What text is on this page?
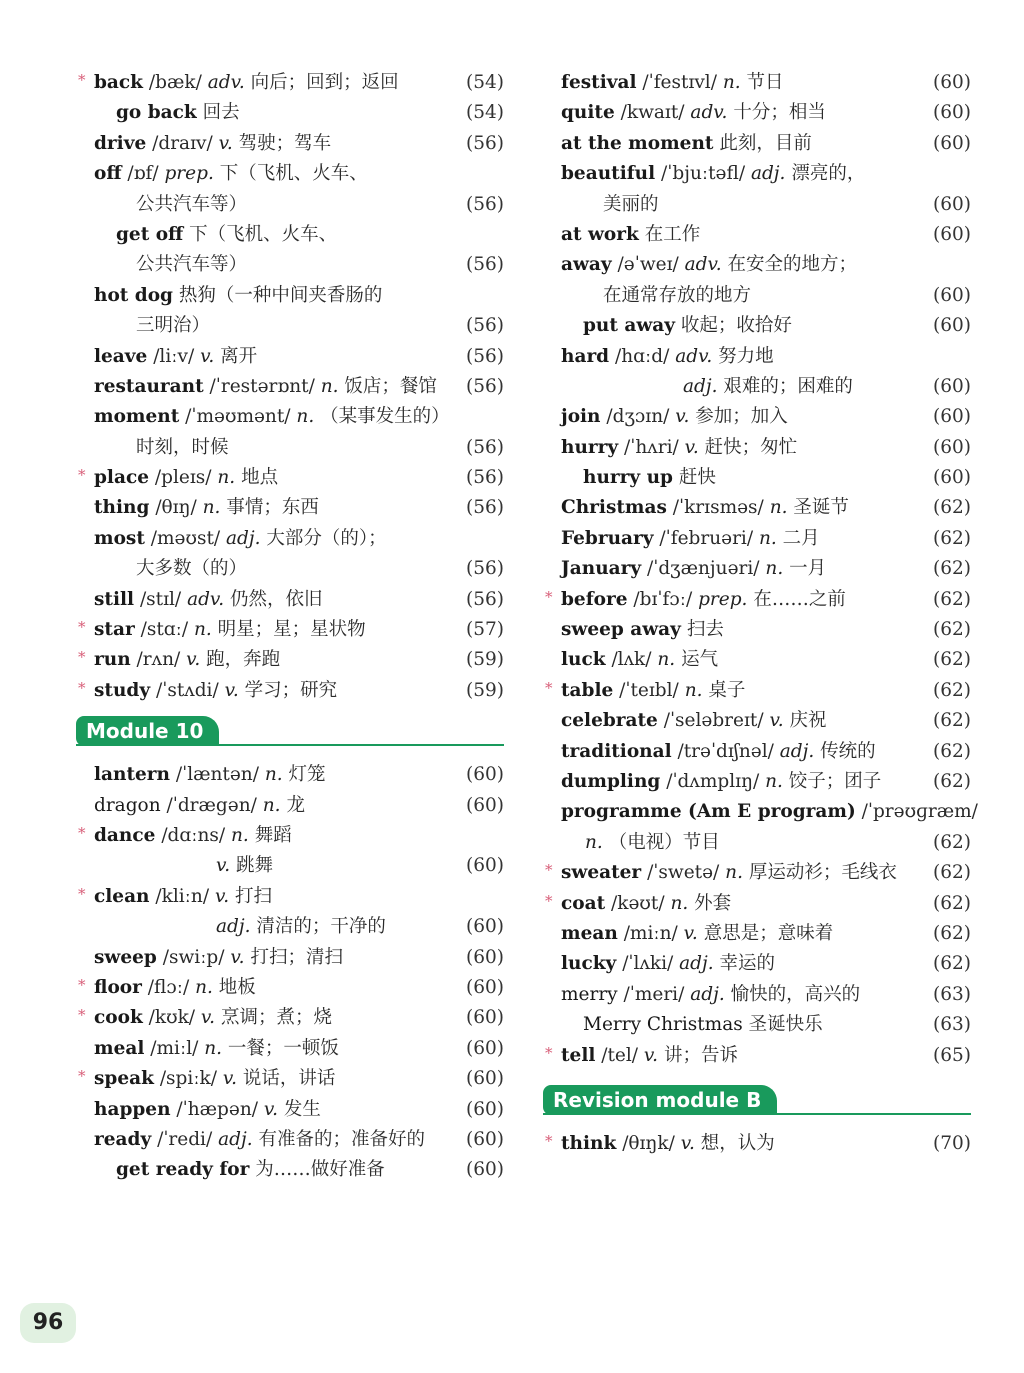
* back /bæk/ adv. 向后；回到；返回	(54)
go back 回去	(54)
drive /draɪv/ v. 驾驶；驾车	(56)
off /ɒf/ prep. 下（飞机、火车、
公共汽车等）	(56)
get off 下（飞机、火车、
公共汽车等）	(56)
hot dog 热狗（一种中间夹香肠的
三明治）	(56)
leave /liːv/ v. 离开	(56)
restaurant /ˈrestərɒnt/ n. 饭店；餐馆	(56)
moment /ˈməʊmənt/ n. （某事发生的）
时刻，时候	(56)
* place /pleɪs/ n. 地点	(56)
thing /θɪŋ/ n. 事情；东西	(56)
most /məʊst/ adj. 大部分（的）；
大多数（的）	(56)
still /stɪl/ adv. 仍然，依旧	(56)
* star /stɑː/ n. 明星；星；星状物	(57)
* run /rʌn/ v. 跑，奔跑	(59)
* study /ˈstʌdi/ v. 学习；研究	(59)
Module 10
lantern /ˈlæntən/ n. 灯笼	(60)
dragon /ˈdrægən/ n. 龙	(60)
* dance /dɑːns/ n. 舞蹈
v. 跳舞	(60)
* clean /kliːn/ v. 打扫
adj. 清洁的；干净的	(60)
sweep /swiːp/ v. 打扫；清扫	(60)
* floor /flɔː/ n. 地板	(60)
* cook /kʊk/ v. 烹调；煮；烧	(60)
meal /miːl/ n. 一餐；一顿饭	(60)
* speak /spiːk/ v. 说话，讲话	(60)
happen /ˈhæpən/ v. 发生	(60)
ready /ˈredi/ adj. 有准备的；准备好的	(60)
get ready for 为……做好准备	(60)
festival /ˈfestɪvl/ n. 节日	(60)
quite /kwaɪt/ adv. 十分；相当	(60)
at the moment 此刻，目前	(60)
beautiful /ˈbjuːtəfl/ adj. 漂亮的，
美丽的	(60)
at work 在工作	(60)
away /əˈweɪ/ adv. 在安全的地方；
在通常存放的地方	(60)
put away 收起；收拾好	(60)
hard /hɑːd/ adv. 努力地
adj. 艰难的；困难的	(60)
join /dʒɔɪn/ v. 参加；加入	(60)
hurry /ˈhʌri/ v. 赶快；匆忙	(60)
hurry up 赶快	(60)
Christmas /ˈkrɪsməs/ n. 圣诞节	(62)
February /ˈfebruəri/ n. 二月	(62)
January /ˈdʒænjuəri/ n. 一月	(62)
* before /bɪˈfɔː/ prep. 在……之前	(62)
sweep away 扫去	(62)
luck /lʌk/ n. 运气	(62)
* table /ˈteɪbl/ n. 桌子	(62)
celebrate /ˈseləbreɪt/ v. 庆祝	(62)
traditional /trəˈdɪʃnəl/ adj. 传统的	(62)
dumpling /ˈdʌmplɪŋ/ n. 饺子；团子	(62)
programme (Am E program) /ˈprəʊɡræm/
n. （电视）节目	(62)
* sweater /ˈswetə/ n. 厚运动衫；毛线衣	(62)
* coat /kəʊt/ n. 外套	(62)
mean /miːn/ v. 意思是；意味着	(62)
lucky /ˈlʌki/ adj. 幸运的	(62)
merry /ˈmeri/ adj. 愉快的，高兴的	(63)
Merry Christmas 圣诞快乐	(63)
* tell /tel/ v. 讲；告诉	(65)
Revision module B
* think /θɪŋk/ v. 想，认为	(70)
96
